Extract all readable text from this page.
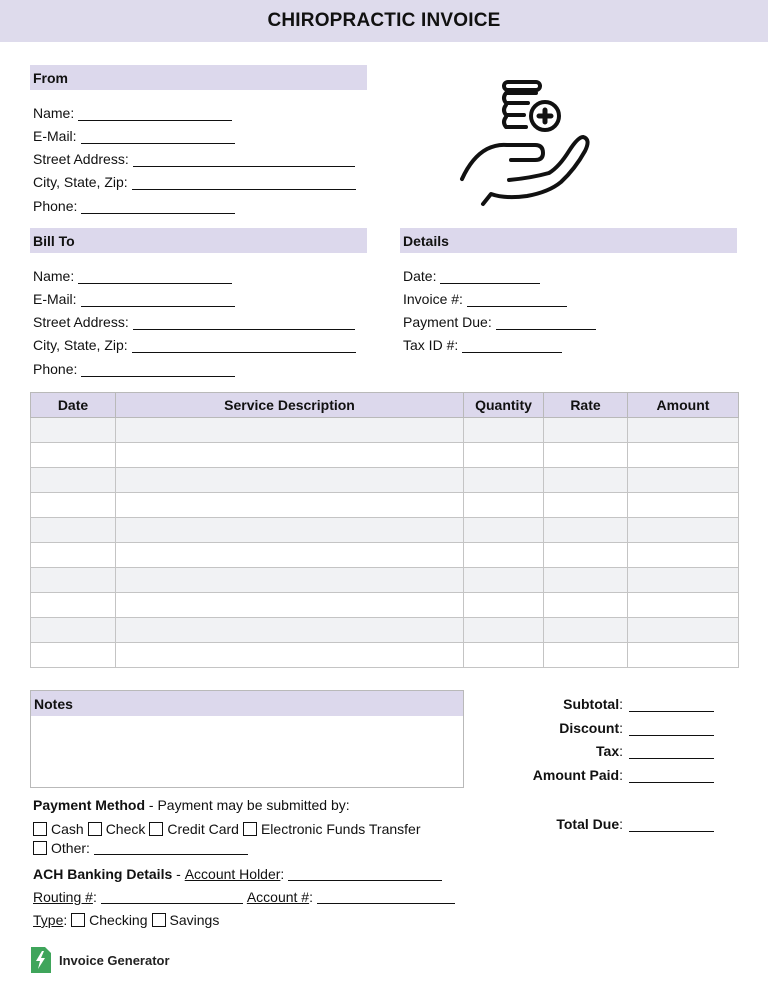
CHIROPRACTIC INVOICE
From
Name:
E-Mail:
Street Address:
City, State, Zip:
Phone:
Bill To
Name:
E-Mail:
Street Address:
City, State, Zip:
Phone:
Details
Date:
Invoice #:
Payment Due:
Tax ID #:
Date	Service Description	Quantity	Rate	Amount

Notes	Subtotal :
Discount :
Tax :
Amount Paid :
Total Due :
Payment Method - Payment may be submitted by:
Cash Check Credit Card Electronic Funds Transfer
Other:
ACH Banking Details - Account Holder :
Routing # :	Account # :
Type : Checking Savings
Invoice Generator
